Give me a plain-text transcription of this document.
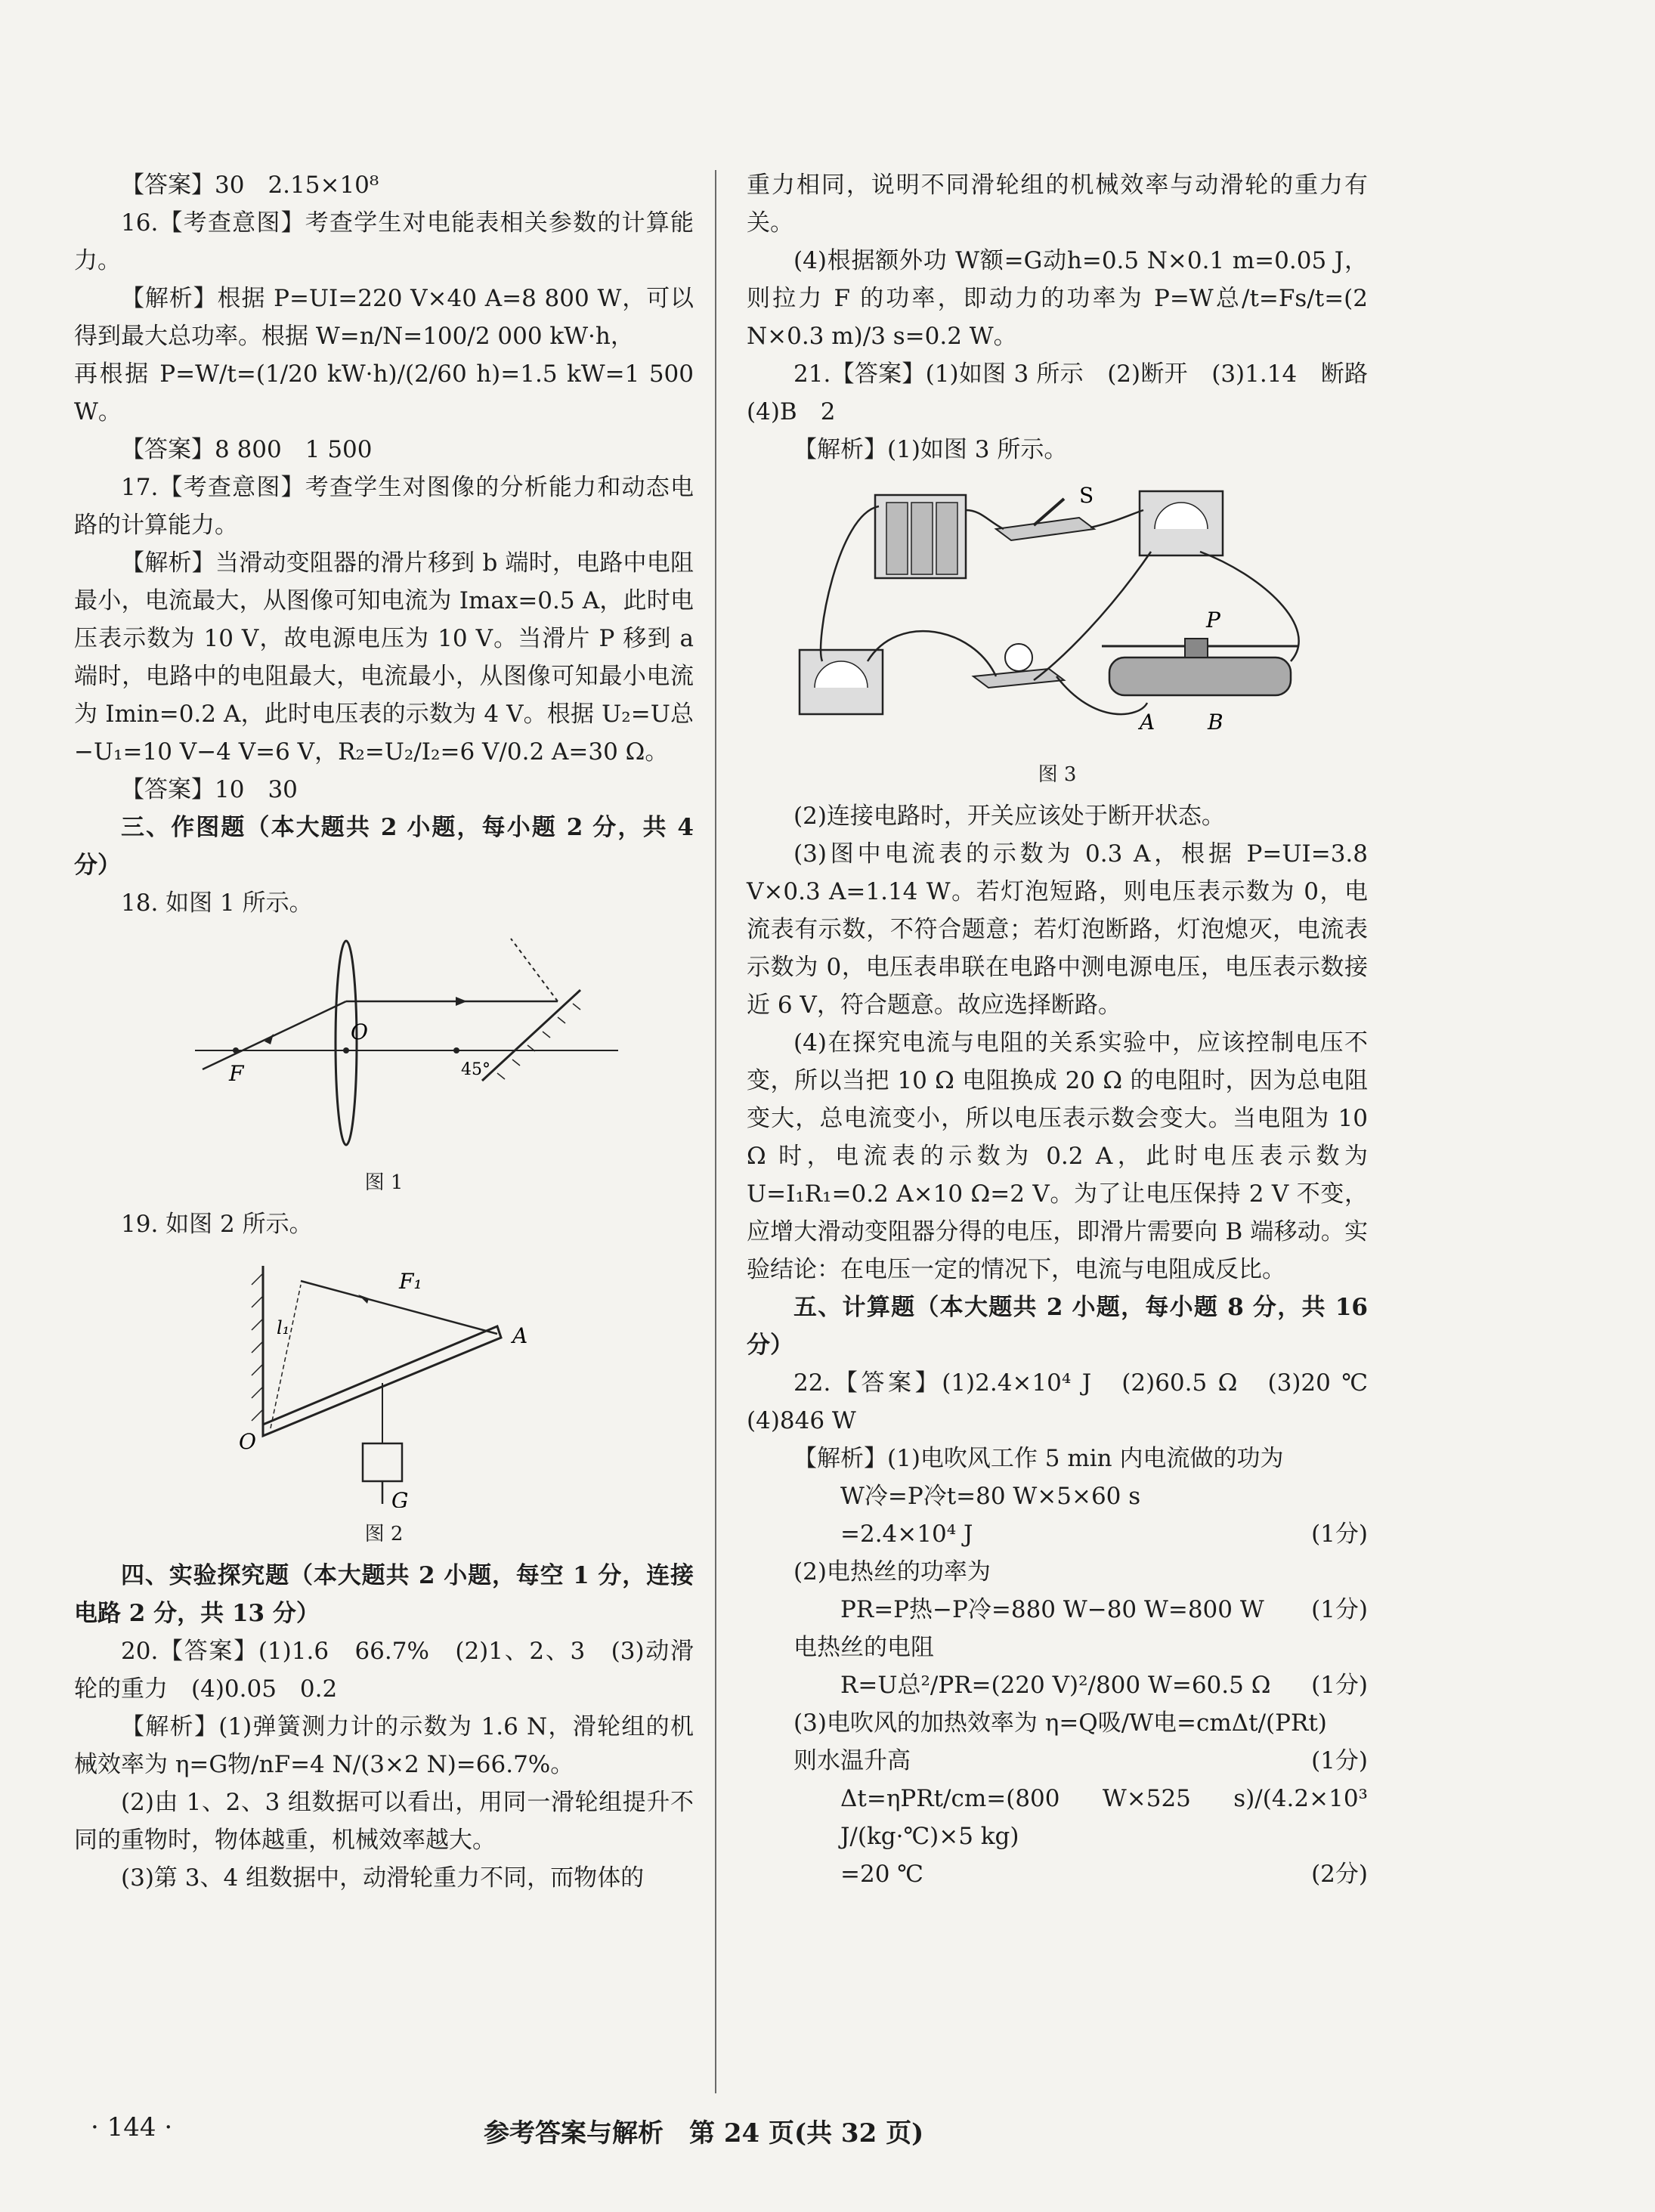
【答案】30　2.15×10⁸

16.【考查意图】考查学生对电能表相关参数的计算能力。

【解析】根据 P=UI=220 V×40 A=8 800 W，可以得到最大总功率。根据 W=n/N=100/2 000 kW·h，

再根据 P=W/t=(1/20 kW·h)/(2/60 h)=1.5 kW=1 500 W。

【答案】8 800　1 500

17.【考查意图】考查学生对图像的分析能力和动态电路的计算能力。

【解析】当滑动变阻器的滑片移到 b 端时，电路中电阻最小，电流最大，从图像可知电流为 Imax=0.5 A，此时电压表示数为 10 V，故电源电压为 10 V。当滑片 P 移到 a 端时，电路中的电阻最大，电流最小，从图像可知最小电流为 Imin=0.2 A，此时电压表的示数为 4 V。根据 U₂=U总−U₁=10 V−4 V=6 V，R₂=U₂/I₂=6 V/0.2 A=30 Ω。

【答案】10　30

三、作图题（本大题共 2 小题，每小题 2 分，共 4 分）

18. 如图 1 所示。

O
F	45°
图 1

19. 如图 2 所示。

F₁
l₁	A
O
G
图 2

四、实验探究题（本大题共 2 小题，每空 1 分，连接电路 2 分，共 13 分）

20.【答案】(1)1.6　66.7%　(2)1、2、3　(3)动滑轮的重力　(4)0.05　0.2

【解析】(1)弹簧测力计的示数为 1.6 N，滑轮组的机械效率为 η=G物/nF=4 N/(3×2 N)=66.7%。

(2)由 1、2、3 组数据可以看出，用同一滑轮组提升不同的重物时，物体越重，机械效率越大。

(3)第 3、4 组数据中，动滑轮重力不同，而物体的

重力相同，说明不同滑轮组的机械效率与动滑轮的重力有关。

(4)根据额外功 W额=G动h=0.5 N×0.1 m=0.05 J，则拉力 F 的功率，即动力的功率为 P=W总/t=Fs/t=(2 N×0.3 m)/3 s=0.2 W。

21.【答案】(1)如图 3 所示　(2)断开　(3)1.14　断路　(4)B　2

【解析】(1)如图 3 所示。

S
P
A B
图 3

(2)连接电路时，开关应该处于断开状态。

(3)图中电流表的示数为 0.3 A，根据 P=UI=3.8 V×0.3 A=1.14 W。若灯泡短路，则电压表示数为 0，电流表有示数，不符合题意；若灯泡断路，灯泡熄灭，电流表示数为 0，电压表串联在电路中测电源电压，电压表示数接近 6 V，符合题意。故应选择断路。

(4)在探究电流与电阻的关系实验中，应该控制电压不变，所以当把 10 Ω 电阻换成 20 Ω 的电阻时，因为总电阻变大，总电流变小，所以电压表示数会变大。当电阻为 10 Ω 时，电流表的示数为 0.2 A，此时电压表示数为 U=I₁R₁=0.2 A×10 Ω=2 V。为了让电压保持 2 V 不变，应增大滑动变阻器分得的电压，即滑片需要向 B 端移动。实验结论：在电压一定的情况下，电流与电阻成反比。

五、计算题（本大题共 2 小题，每小题 8 分，共 16 分）

22.【答案】(1)2.4×10⁴ J　(2)60.5 Ω　(3)20 ℃　(4)846 W

【解析】(1)电吹风工作 5 min 内电流做的功为

W冷=P冷t=80 W×5×60 s

=2.4×10⁴ J	(1分)

(2)电热丝的功率为

PR=P热−P冷=880 W−80 W=800 W (1分)

电热丝的电阻

R=U总²/PR=(220 V)²/800 W=60.5 Ω (1分)

(3)电吹风的加热效率为 η=Q吸/W电=cmΔt/(PRt)
(1分)

则水温升高

Δt=ηPRt/cm=(800 W×525 s)/(4.2×10³ J/(kg·℃)×5 kg)

=20 ℃	(2分)

· 144 ·	参考答案与解析　第 24 页(共 32 页)
